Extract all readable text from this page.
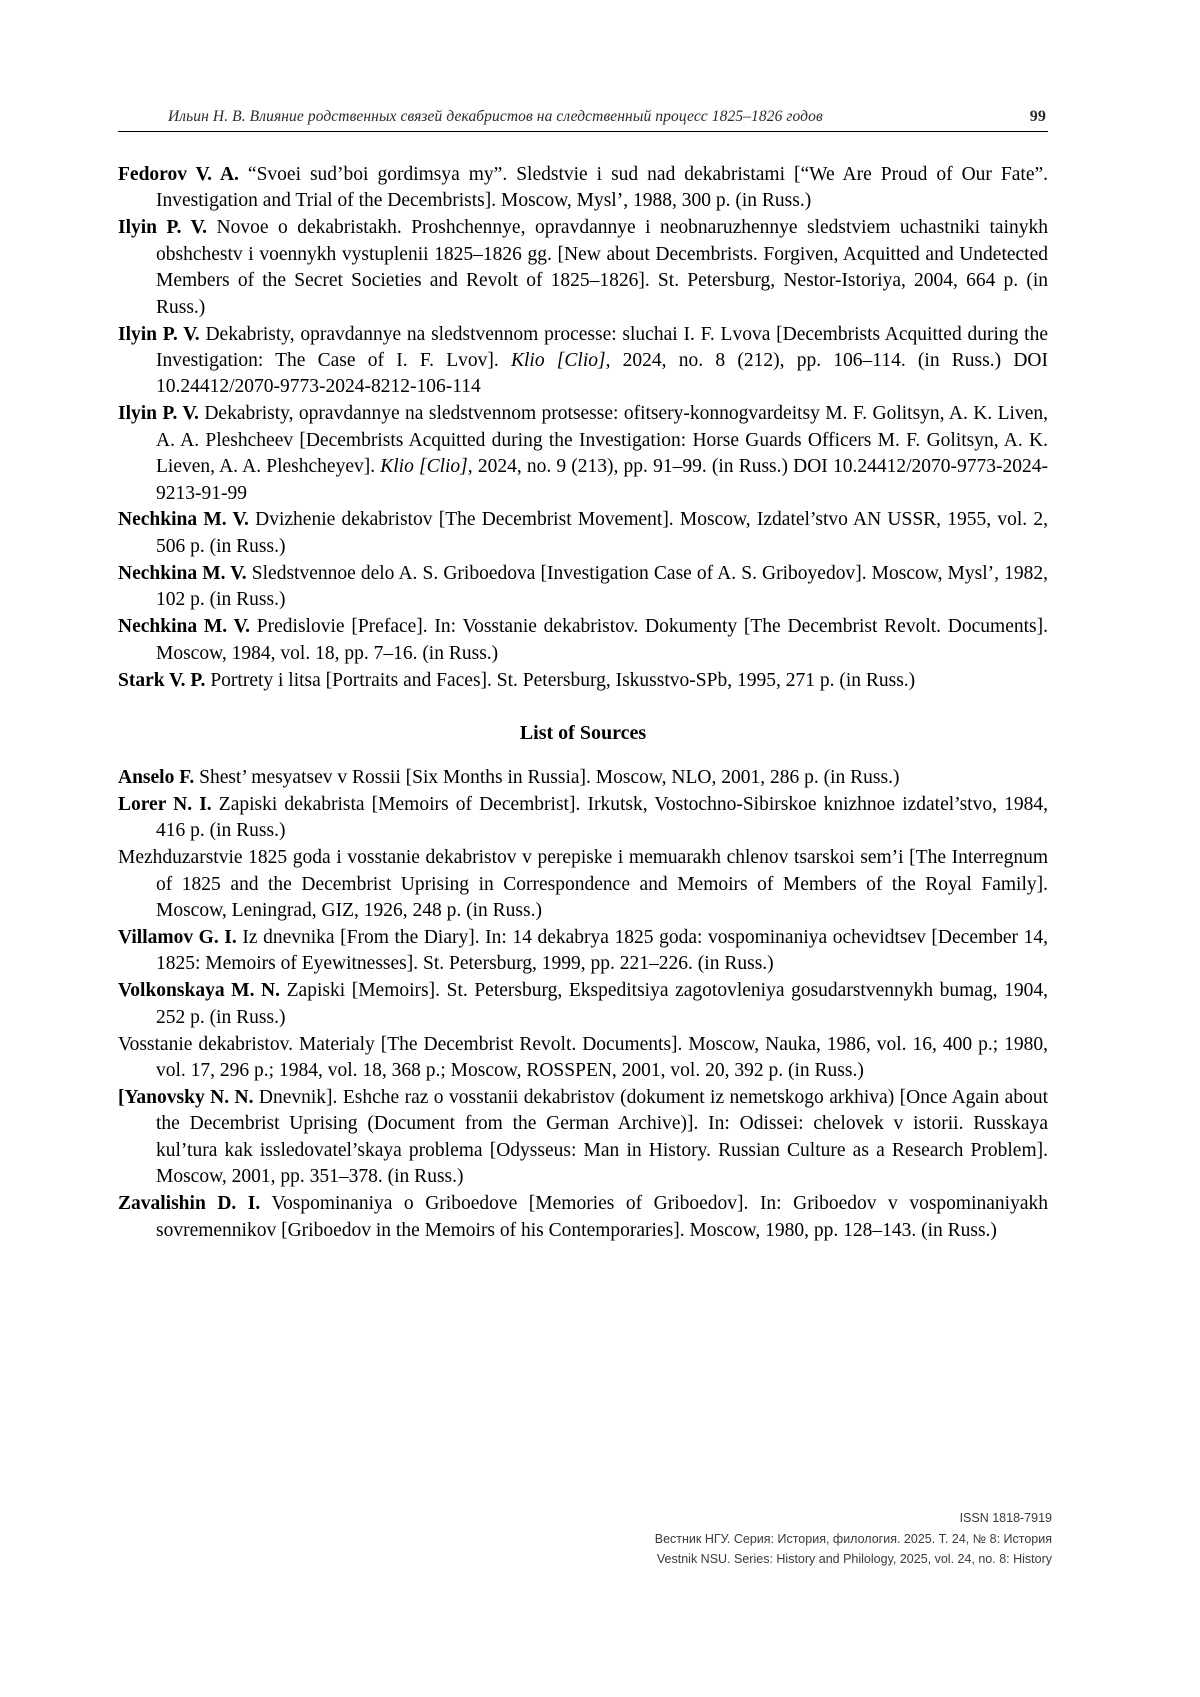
Ильин Н. В. Влияние родственных связей декабристов на следственный процесс 1825–1826 годов	99

Fedorov V. A. “Svoei sud’boi gordimsya my”. Sledstvie i sud nad dekabristami [“We Are Proud of Our Fate”. Investigation and Trial of the Decembrists]. Moscow, Mysl’, 1988, 300 p. (in Russ.)

Ilyin P. V. Novoe o dekabristakh. Proshchennye, opravdannye i neobnaruzhennye sledstviem uchastniki tainykh obshchestv i voennykh vystuplenii 1825–1826 gg. [New about Decembrists. Forgiven, Acquitted and Undetected Members of the Secret Societies and Revolt of 1825–1826]. St. Petersburg, Nestor-Istoriya, 2004, 664 p. (in Russ.)

Ilyin P. V. Dekabristy, opravdannye na sledstvennom processe: sluchai I. F. Lvova [Decembrists Acquitted during the Investigation: The Case of I. F. Lvov]. Klio [Clio], 2024, no. 8 (212), pp. 106–114. (in Russ.) DOI 10.24412/2070-9773-2024-8212-106-114

Ilyin P. V. Dekabristy, opravdannye na sledstvennom protsesse: ofitsery-konnogvardeitsy M. F. Golitsyn, A. K. Liven, A. A. Pleshcheev [Decembrists Acquitted during the Investigation: Horse Guards Officers M. F. Golitsyn, A. K. Lieven, A. A. Pleshcheyev]. Klio [Clio], 2024, no. 9 (213), pp. 91–99. (in Russ.) DOI 10.24412/2070-9773-2024-9213-91-99

Nechkina M. V. Dvizhenie dekabristov [The Decembrist Movement]. Moscow, Izdatel’stvo AN USSR, 1955, vol. 2, 506 p. (in Russ.)

Nechkina M. V. Sledstvennoe delo A. S. Griboedova [Investigation Case of A. S. Griboyedov]. Moscow, Mysl’, 1982, 102 p. (in Russ.)

Nechkina M. V. Predislovie [Preface]. In: Vosstanie dekabristov. Dokumenty [The Decembrist Revolt. Documents]. Moscow, 1984, vol. 18, pp. 7–16. (in Russ.)

Stark V. P. Portrety i litsa [Portraits and Faces]. St. Petersburg, Iskusstvo-SPb, 1995, 271 p. (in Russ.)

List of Sources

Anselo F. Shest’ mesyatsev v Rossii [Six Months in Russia]. Moscow, NLO, 2001, 286 p. (in Russ.)

Lorer N. I. Zapiski dekabrista [Memoirs of Decembrist]. Irkutsk, Vostochno-Sibirskoe knizhnoe izdatel’stvo, 1984, 416 p. (in Russ.)

Mezhduzarstvie 1825 goda i vosstanie dekabristov v perepiske i memuarakh chlenov tsarskoi sem’i [The Interregnum of 1825 and the Decembrist Uprising in Correspondence and Memoirs of Members of the Royal Family]. Moscow, Leningrad, GIZ, 1926, 248 p. (in Russ.)

Villamov G. I. Iz dnevnika [From the Diary]. In: 14 dekabrya 1825 goda: vospominaniya ochevidtsev [December 14, 1825: Memoirs of Eyewitnesses]. St. Petersburg, 1999, pp. 221–226. (in Russ.)

Volkonskaya M. N. Zapiski [Memoirs]. St. Petersburg, Ekspeditsiya zagotovleniya gosudarstvennykh bumag, 1904, 252 p. (in Russ.)

Vosstanie dekabristov. Materialy [The Decembrist Revolt. Documents]. Moscow, Nauka, 1986, vol. 16, 400 p.; 1980, vol. 17, 296 p.; 1984, vol. 18, 368 p.; Moscow, ROSSPEN, 2001, vol. 20, 392 p. (in Russ.)

[Yanovsky N. N. Dnevnik]. Eshche raz o vosstanii dekabristov (dokument iz nemetskogo arkhiva) [Once Again about the Decembrist Uprising (Document from the German Archive)]. In: Odissei: chelovek v istorii. Russkaya kul’tura kak issledovatel’skaya problema [Odysseus: Man in History. Russian Culture as a Research Problem]. Moscow, 2001, pp. 351–378. (in Russ.)

Zavalishin D. I. Vospominaniya o Griboedove [Memories of Griboedov]. In: Griboedov v vospominaniyakh sovremennikov [Griboedov in the Memoirs of his Contemporaries]. Moscow, 1980, pp. 128–143. (in Russ.)

ISSN 1818-7919
Вестник НГУ. Серия: История, филология. 2025. Т. 24, № 8: История
Vestnik NSU. Series: History and Philology, 2025, vol. 24, no. 8: History
